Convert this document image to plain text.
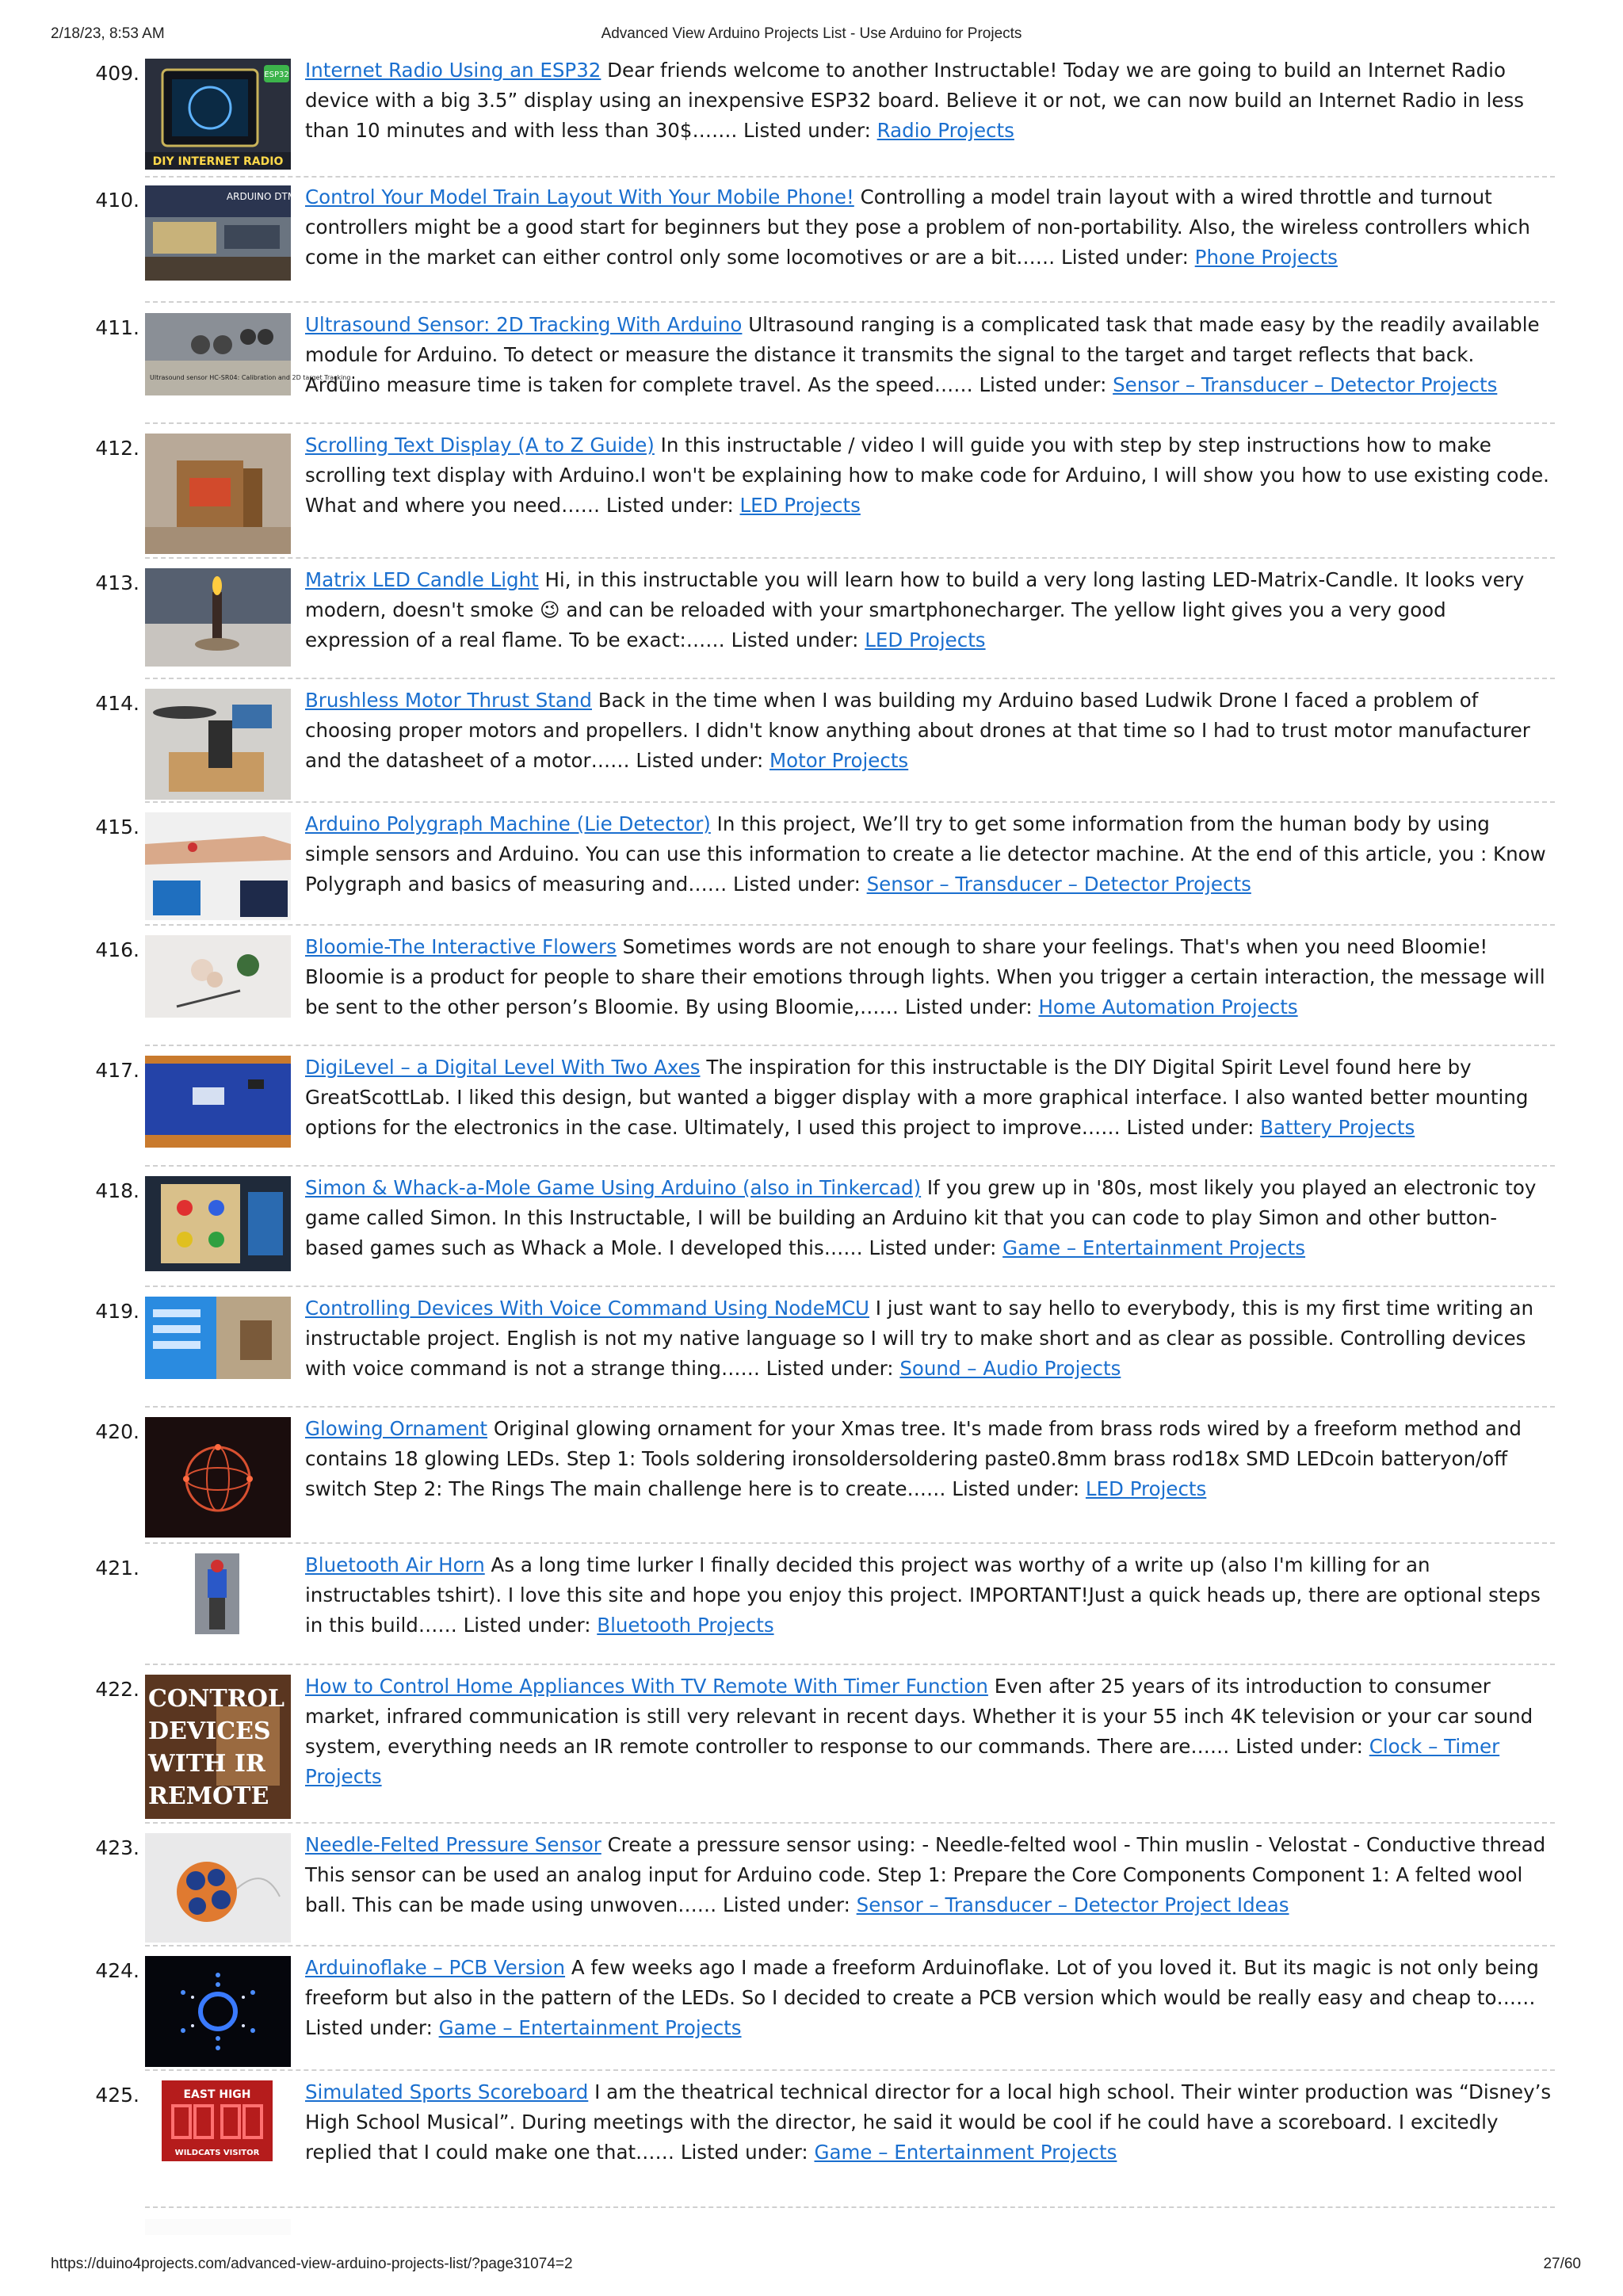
2/18/23, 8:53 AM	Advanced View Arduino Projects List - Use Arduino for Projects
409.	ESP32
DIY INTERNET RADIO
Internet Radio Using an ESP32 Dear friends welcome to another Instructable! Today we are going to build an Internet Radio device with a big 3.5” display using an inexpensive ESP32 board. Believe it or not, we can now build an Internet Radio in less than 10 minutes and with less than 30$……. Listed under: Radio Projects
410.	ARDUINO DTMF Control Your Model Train Layout With Your Mobile Phone! Controlling a model train layout with a wired throttle and turnout controllers might be a good start for beginners but they pose a problem of non-portability. Also, the wireless controllers which come in the market can either control only some locomotives or are a bit…… Listed under: Phone Projects
411.
Ultrasound sensor HC-SR04: Calibration and 2D target Tracking
Ultrasound Sensor: 2D Tracking With Arduino Ultrasound ranging is a complicated task that made easy by the readily available module for Arduino. To detect or measure the distance it transmits the signal to the target and target reflects that back. Arduino measure time is taken for complete travel. As the speed…… Listed under: Sensor – Transducer – Detector Projects
412.	Scrolling Text Display (A to Z Guide) In this instructable / video I will guide you with step by step instructions how to make scrolling text display with Arduino.I won't be explaining how to make code for Arduino, I will show you how to use existing code. What and where you need…… Listed under: LED Projects
413.	Matrix LED Candle Light Hi, in this instructable you will learn how to build a very long lasting LED-Matrix-Candle. It looks very modern, doesn't smoke 😉 and can be reloaded with your smartphonecharger. The yellow light gives you a very good expression of a real flame. To be exact:…… Listed under: LED Projects
414.	Brushless Motor Thrust Stand Back in the time when I was building my Arduino based Ludwik Drone I faced a problem of choosing proper motors and propellers. I didn't know anything about drones at that time so I had to trust motor manufacturer and the datasheet of a motor…… Listed under: Motor Projects
415.	Arduino Polygraph Machine (Lie Detector) In this project, We’ll try to get some information from the human body by using simple sensors and Arduino. You can use this information to create a lie detector machine. At the end of this article, you : Know Polygraph and basics of measuring and…… Listed under: Sensor – Transducer – Detector Projects
416.	Bloomie-The Interactive Flowers Sometimes words are not enough to share your feelings. That's when you need Bloomie! Bloomie is a product for people to share their emotions through lights. When you trigger a certain interaction, the message will be sent to the other person’s Bloomie. By using Bloomie,…… Listed under: Home Automation Projects
417.	DigiLevel – a Digital Level With Two Axes The inspiration for this instructable is the DIY Digital Spirit Level found here by GreatScottLab. I liked this design, but wanted a bigger display with a more graphical interface. I also wanted better mounting options for the electronics in the case. Ultimately, I used this project to improve…… Listed under: Battery Projects
418.	Simon & Whack-a-Mole Game Using Arduino (also in Tinkercad) If you grew up in '80s, most likely you played an electronic toy game called Simon. In this Instructable, I will be building an Arduino kit that you can code to play Simon and other button-based games such as Whack a Mole. I developed this…… Listed under: Game – Entertainment Projects
419.	Controlling Devices With Voice Command Using NodeMCU I just want to say hello to everybody, this is my first time writing an instructable project. English is not my native language so I will try to make short and as clear as possible. Controlling devices with voice command is not a strange thing…… Listed under: Sound – Audio Projects
420.	Glowing Ornament Original glowing ornament for your Xmas tree. It's made from brass rods wired by a freeform method and contains 18 glowing LEDs. Step 1: Tools soldering ironsoldersoldering paste0.8mm brass rod18x SMD LEDcoin batteryon/off switch Step 2: The Rings The main challenge here is to create…… Listed under: LED Projects
421.	Bluetooth Air Horn As a long time lurker I finally decided this project was worthy of a write up (also I'm killing for an instructables tshirt). I love this site and hope you enjoy this project. IMPORTANT!Just a quick heads up, there are optional steps in this build…… Listed under: Bluetooth Projects
422. CONTROL DEVICES WITH IR REMOTE
How to Control Home Appliances With TV Remote With Timer Function Even after 25 years of its introduction to consumer market, infrared communication is still very relevant in recent days. Whether it is your 55 inch 4K television or your car sound system, everything needs an IR remote controller to response to our commands. There are…… Listed under: Clock – Timer Projects
423.	Needle-Felted Pressure Sensor Create a pressure sensor using: - Needle-felted wool - Thin muslin - Velostat - Conductive thread This sensor can be used an analog input for Arduino code. Step 1: Prepare the Core Components Component 1: A felted wool ball. This can be made using unwoven…… Listed under: Sensor – Transducer – Detector Project Ideas
424.	Arduinoflake – PCB Version A few weeks ago I made a freeform Arduinoflake. Lot of you loved it. But its magic is not only being freeform but also in the pattern of the LEDs. So I decided to create a PCB version which would be really easy and cheap to…… Listed under: Game – Entertainment Projects
425.	EAST HIGH
WILDCATS VISITOR
Simulated Sports Scoreboard I am the theatrical technical director for a local high school. Their winter production was “Disney’s High School Musical”. During meetings with the director, he said it would be cool if he could have a scoreboard. I excitedly replied that I could make one that…… Listed under: Game – Entertainment Projects
https://duino4projects.com/advanced-view-arduino-projects-list/?page31074=2	27/60
